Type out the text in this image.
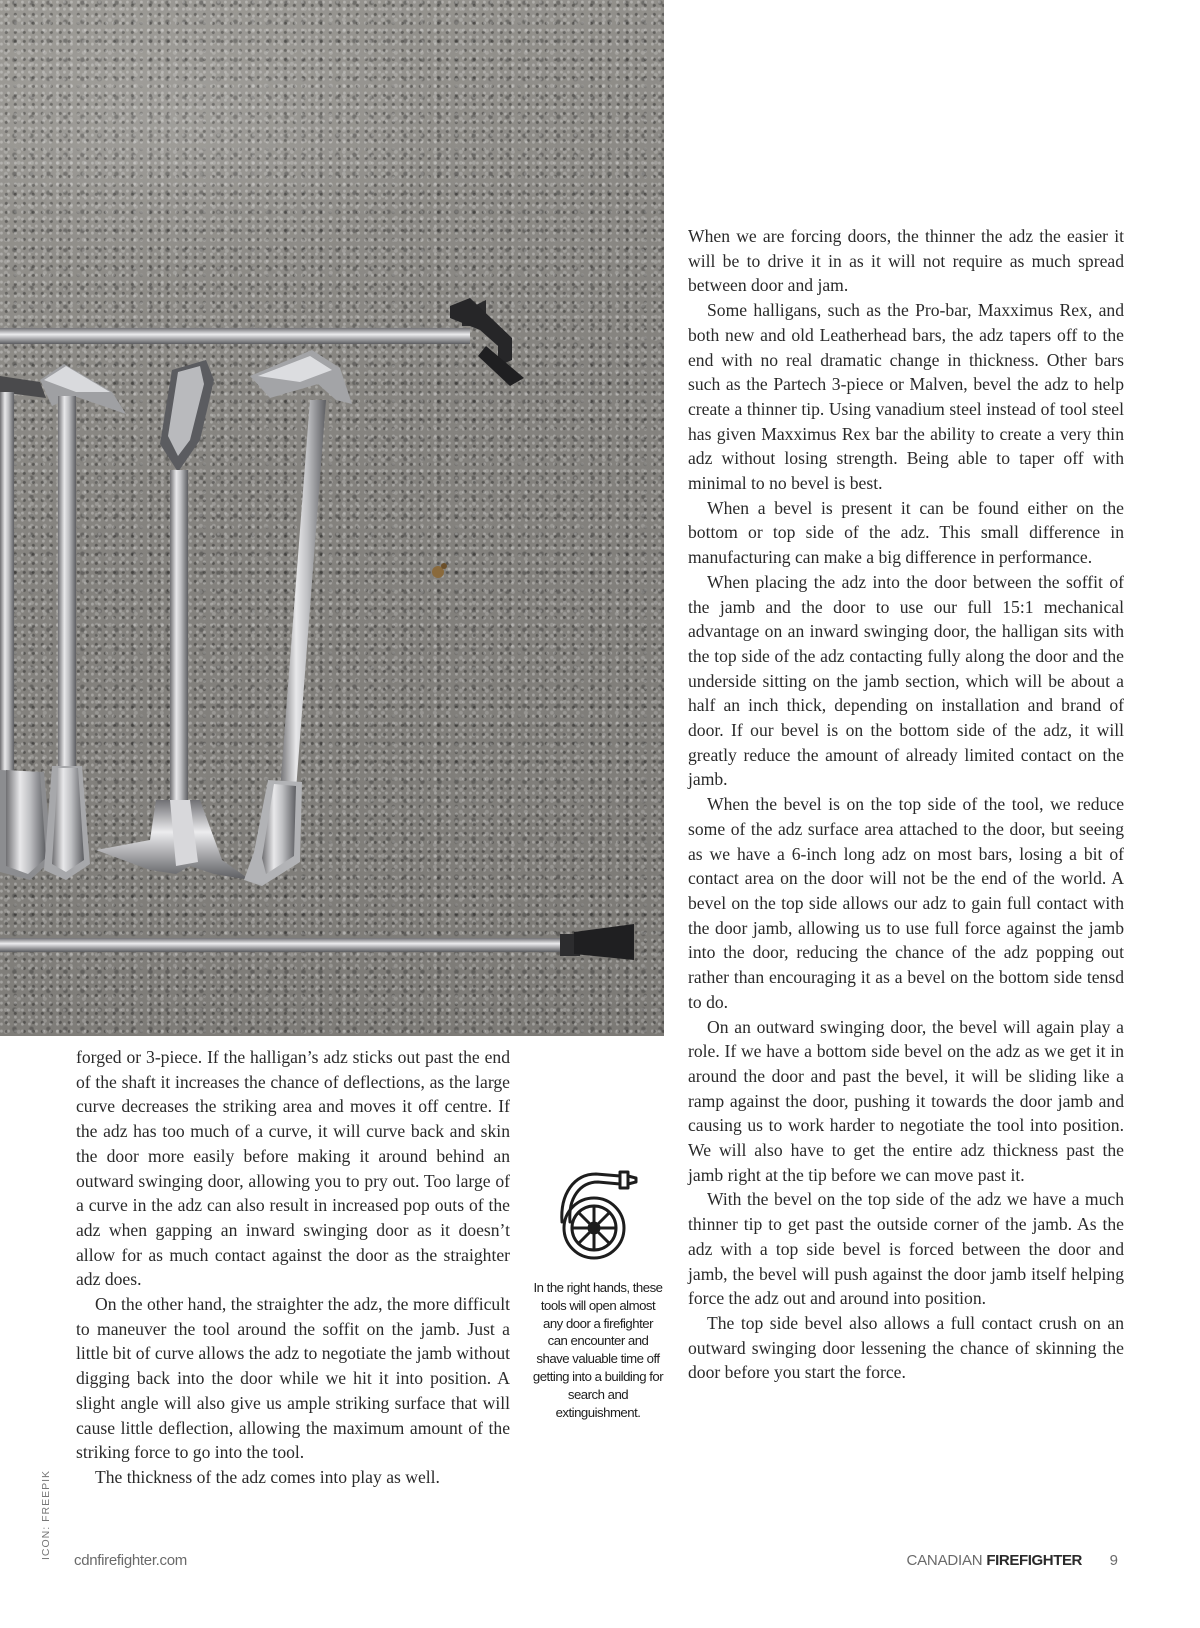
forged or 3-piece. If the halligan’s adz sticks out past the end of the shaft it increases the chance of deflections, as the large curve decreases the striking area and moves it off centre. If the adz has too much of a curve, it will curve back and skin the door more easily before making it around behind an outward swinging door, allowing you to pry out. Too large of a curve in the adz can also result in increased pop outs of the adz when gapping an inward swinging door as it doesn’t allow for as much contact against the door as the straighter adz does.

On the other hand, the straighter the adz, the more difficult to maneuver the tool around the soffit on the jamb. Just a little bit of curve allows the adz to negotiate the jamb without digging back into the door while we hit it into position. A slight angle will also give us ample striking surface that will cause little deflection, allowing the maximum amount of the striking force to go into the tool.

The thickness of the adz comes into play as well.

In the right hands, these tools will open almost any door a firefighter can encounter and shave valuable time off getting into a building for search and extinguishment.

When we are forcing doors, the thinner the adz the easier it will be to drive it in as it will not require as much spread between door and jam.

Some halligans, such as the Pro-bar, Maxximus Rex, and both new and old Leatherhead bars, the adz tapers off to the end with no real dramatic change in thickness. Other bars such as the Partech 3-piece or Malven, bevel the adz to help create a thinner tip. Using vanadium steel instead of tool steel has given Maxximus Rex bar the ability to create a very thin adz without losing strength. Being able to taper off with minimal to no bevel is best.

When a bevel is present it can be found either on the bottom or top side of the adz. This small difference in manufacturing can make a big difference in performance.

When placing the adz into the door between the soffit of the jamb and the door to use our full 15:1 mechanical advantage on an inward swinging door, the halligan sits with the top side of the adz contacting fully along the door and the underside sitting on the jamb section, which will be about a half an inch thick, depending on installation and brand of door. If our bevel is on the bottom side of the adz, it will greatly reduce the amount of already limited contact on the jamb.

When the bevel is on the top side of the tool, we reduce some of the adz surface area attached to the door, but seeing as we have a 6-inch long adz on most bars, losing a bit of contact area on the door will not be the end of the world. A bevel on the top side allows our adz to gain full contact with the door jamb, allowing us to use full force against the jamb into the door, reducing the chance of the adz popping out rather than encouraging it as a bevel on the bottom side tensd to do.

On an outward swinging door, the bevel will again play a role. If we have a bottom side bevel on the adz as we get it in around the door and past the bevel, it will be sliding like a ramp against the door, pushing it towards the door jamb and causing us to work harder to negotiate the tool into position. We will also have to get the entire adz thickness past the jamb right at the tip before we can move past it.

With the bevel on the top side of the adz we have a much thinner tip to get past the outside corner of the jamb. As the adz with a top side bevel is forced between the door and jamb, the bevel will push against the door jamb itself helping force the adz out and around into position.

The top side bevel also allows a full contact crush on an outward swinging door lessening the chance of skinning the door before you start the force.

ICON: FREEPIK
cdnfirefighter.com	CANADIAN FIREFIGHTER 9
